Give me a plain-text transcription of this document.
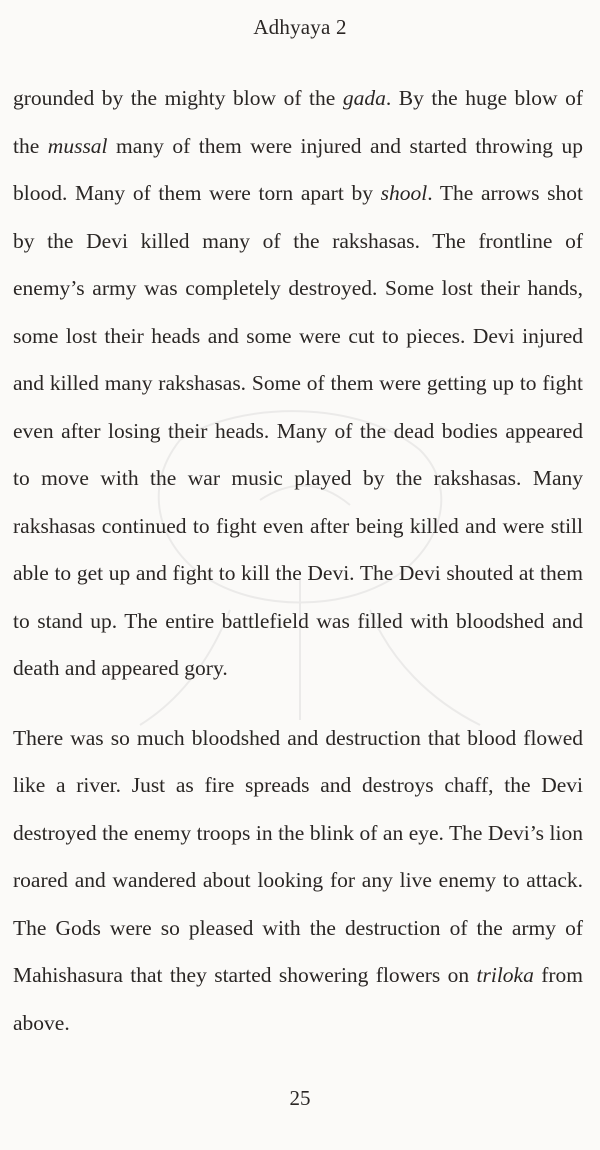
Adhyaya 2

grounded by the mighty blow of the gada. By the huge blow of the mussal many of them were injured and started throwing up blood. Many of them were torn apart by shool. The arrows shot by the Devi killed many of the rakshasas. The frontline of enemy’s army was completely destroyed. Some lost their hands, some lost their heads and some were cut to pieces. Devi injured and killed many rakshasas. Some of them were getting up to fight even after losing their heads. Many of the dead bodies appeared to move with the war music played by the rakshasas. Many rakshasas continued to fight even after being killed and were still able to get up and fight to kill the Devi. The Devi shouted at them to stand up. The entire battlefield was filled with bloodshed and death and appeared gory.

There was so much bloodshed and destruction that blood flowed like a river. Just as fire spreads and destroys chaff, the Devi destroyed the enemy troops in the blink of an eye. The Devi’s lion roared and wandered about looking for any live enemy to attack. The Gods were so pleased with the destruction of the army of Mahishasura that they started showering flowers on triloka from above.

25
